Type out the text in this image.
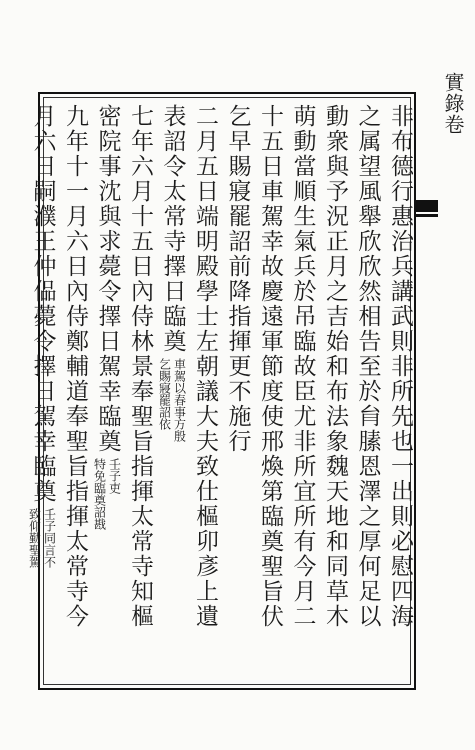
實錄卷
非布德行惠治兵講武則非所先也一出則必慰四海
之属望風舉欣欣然相告至於䏍膆恩澤之厚何足以
動衆與予況正月之吉始和布法象魏天地和同草木
萌動當順生氣兵於吊臨故臣尤非所宜所有今月二
十五日車駕幸故慶遠軍節度使邢煥第臨奠聖旨伏
乞早賜寢罷詔前降指揮更不施行
二月五日端明殿學士左朝議大夫致仕樞卯彥上遺
表詔令太常寺擇日臨奠
車駕以春事方殷
乞賜寢罷詔依
七年六月十五日內侍林景奉聖旨指揮太常寺知樞
密院事沈與求薨令擇日駕幸臨奠
壬子吏
特免臨奠詔戡
九年十一月六日內侍鄭輔道奉聖旨指揮太常寺今
月六日嗣濮王仲偘薨令擇日駕幸臨奠
壬子同言不
致仰勤聖駕
